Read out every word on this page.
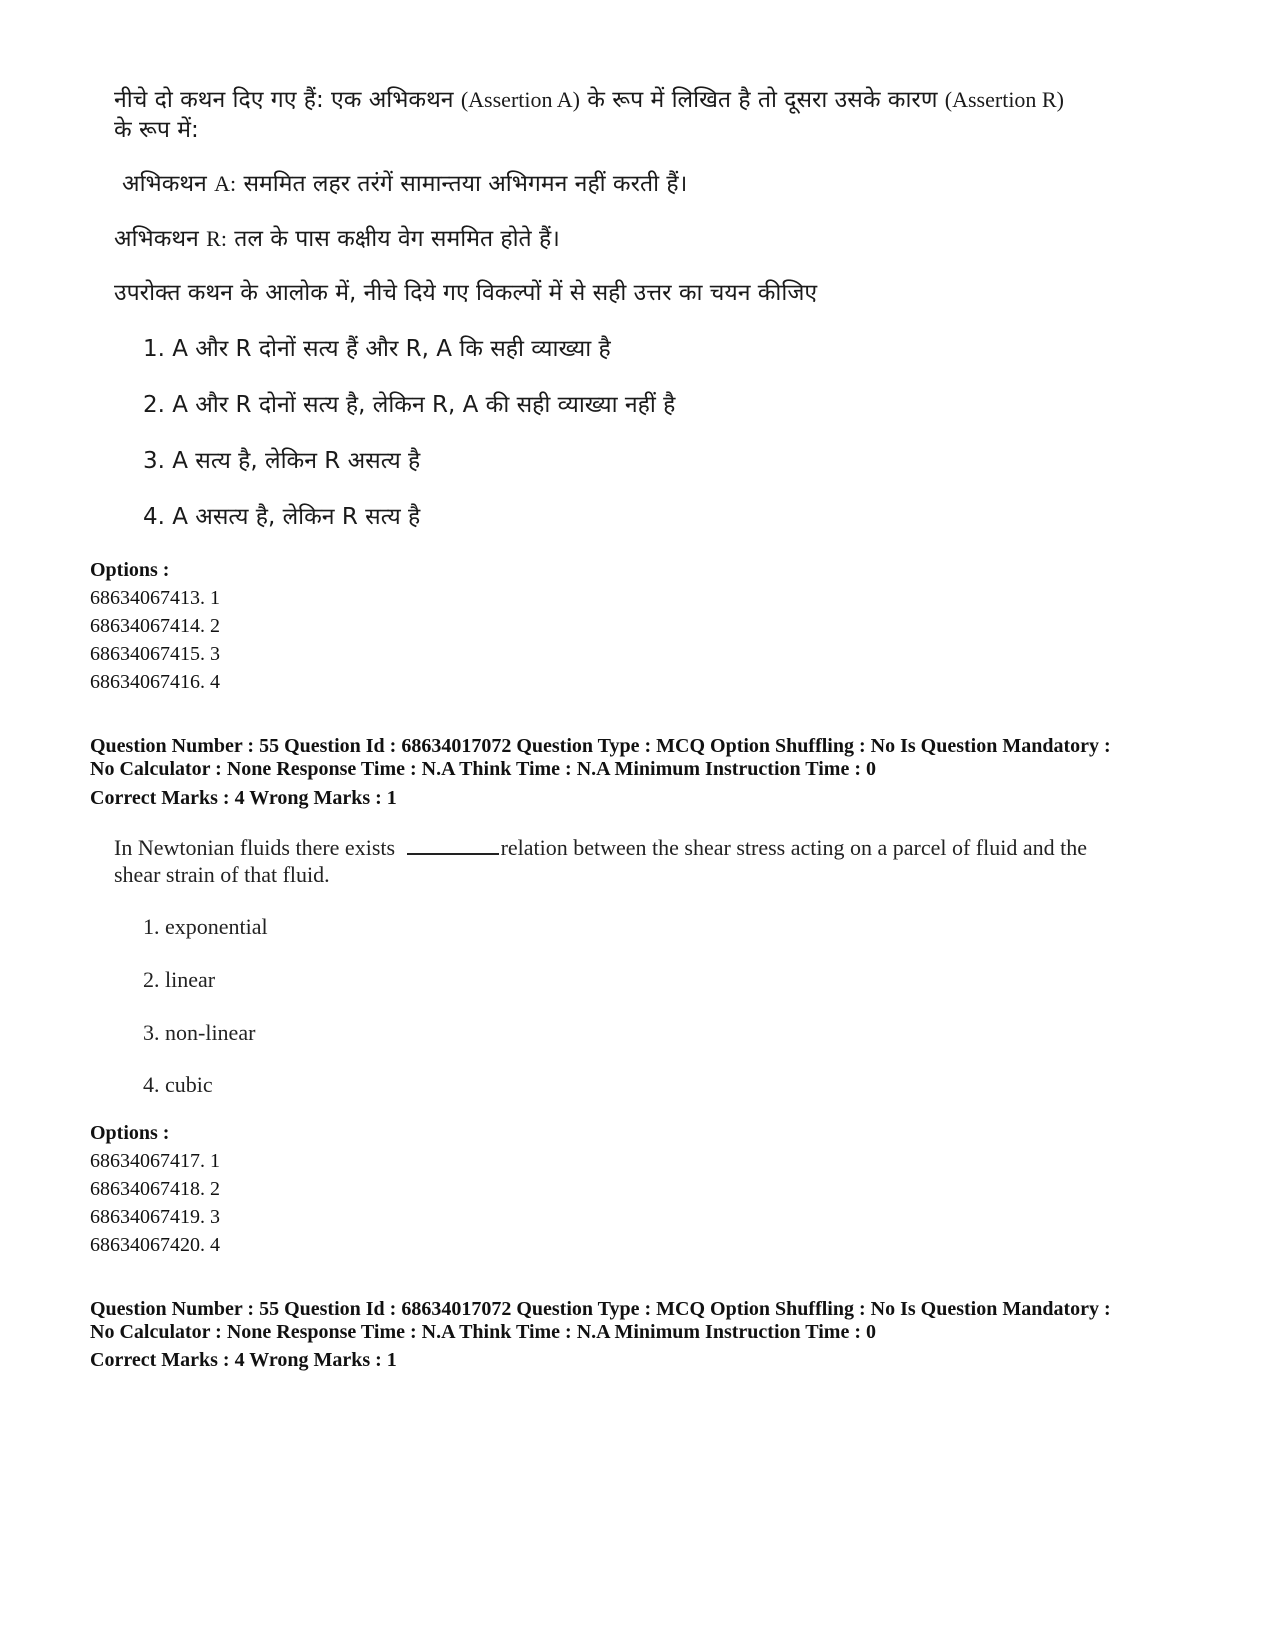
नीचे दो कथन दिए गए हैं: एक अभिकथन (Assertion A) के रूप में लिखित है तो दूसरा उसके कारण (Assertion R)
के रूप में:
अभिकथन A: सममित लहर तरंगें सामान्तया अभिगमन नहीं करती हैं।
अभिकथन R: तल के पास कक्षीय वेग सममित होते हैं।
उपरोक्त कथन के आलोक में, नीचे दिये गए विकल्पों में से सही उत्तर का चयन कीजिए
1. A और R दोनों सत्य हैं और R, A कि सही व्याख्या है
2. A और R दोनों सत्य है, लेकिन R, A की सही व्याख्या नहीं है
3. A सत्य है, लेकिन R असत्य है
4. A असत्य है, लेकिन R सत्य है
Options :
68634067413. 1
68634067414. 2
68634067415. 3
68634067416. 4
Question Number : 55 Question Id : 68634017072 Question Type : MCQ Option Shuffling : No Is Question Mandatory :
No Calculator : None Response Time : N.A Think Time : N.A Minimum Instruction Time : 0
Correct Marks : 4 Wrong Marks : 1
In Newtonian fluids there exists	relation between the shear stress acting on a parcel of fluid and the
shear strain of that fluid.
1. exponential
2. linear
3. non-linear
4. cubic
Options :
68634067417. 1
68634067418. 2
68634067419. 3
68634067420. 4
Question Number : 55 Question Id : 68634017072 Question Type : MCQ Option Shuffling : No Is Question Mandatory :
No Calculator : None Response Time : N.A Think Time : N.A Minimum Instruction Time : 0
Correct Marks : 4 Wrong Marks : 1
